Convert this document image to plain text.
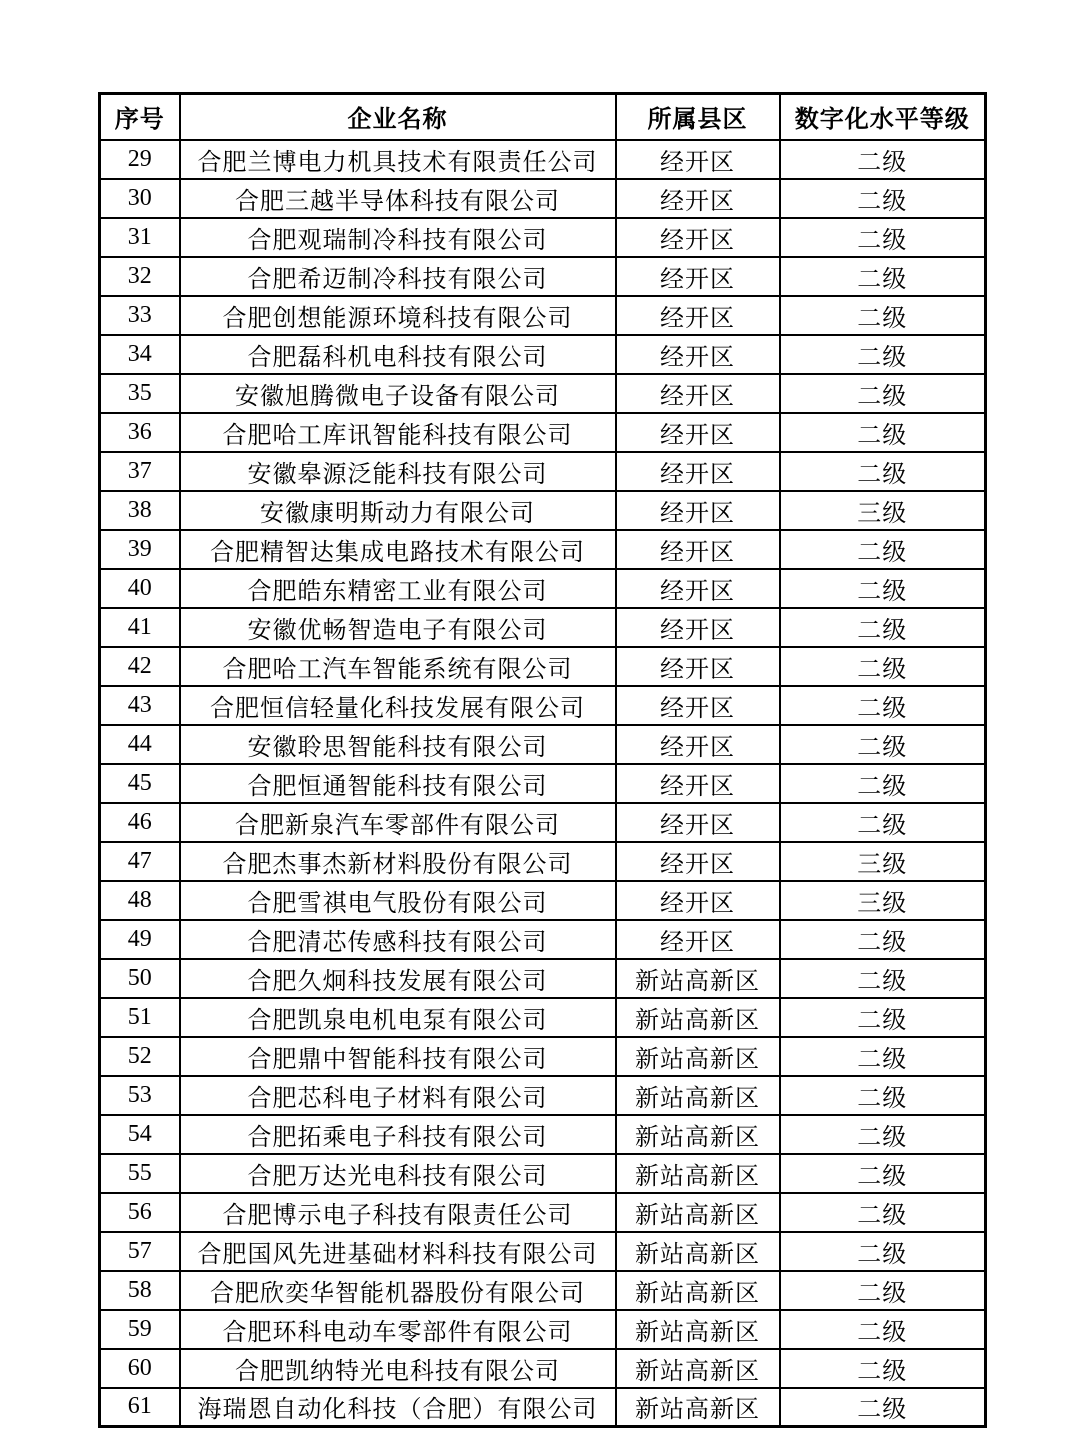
序号	企业名称	所属县区	数字化水平等级
29	合肥兰博电力机具技术有限责任公司	经开区	二级
30	合肥三越半导体科技有限公司	经开区	二级
31	合肥观瑞制冷科技有限公司	经开区	二级
32	合肥希迈制冷科技有限公司	经开区	二级
33	合肥创想能源环境科技有限公司	经开区	二级
34	合肥磊科机电科技有限公司	经开区	二级
35	安徽旭腾微电子设备有限公司	经开区	二级
36	合肥哈工库讯智能科技有限公司	经开区	二级
37	安徽皋源泛能科技有限公司	经开区	二级
38	安徽康明斯动力有限公司	经开区	三级
39	合肥精智达集成电路技术有限公司	经开区	二级
40	合肥皓东精密工业有限公司	经开区	二级
41	安徽优畅智造电子有限公司	经开区	二级
42	合肥哈工汽车智能系统有限公司	经开区	二级
43	合肥恒信轻量化科技发展有限公司	经开区	二级
44	安徽聆思智能科技有限公司	经开区	二级
45	合肥恒通智能科技有限公司	经开区	二级
46	合肥新泉汽车零部件有限公司	经开区	二级
47	合肥杰事杰新材料股份有限公司	经开区	三级
48	合肥雪祺电气股份有限公司	经开区	三级
49	合肥清芯传感科技有限公司	经开区	二级
50	合肥久炯科技发展有限公司	新站高新区	二级
51	合肥凯泉电机电泵有限公司	新站高新区	二级
52	合肥鼎中智能科技有限公司	新站高新区	二级
53	合肥芯科电子材料有限公司	新站高新区	二级
54	合肥拓乘电子科技有限公司	新站高新区	二级
55	合肥万达光电科技有限公司	新站高新区	二级
56	合肥博示电子科技有限责任公司	新站高新区	二级
57	合肥国风先进基础材料科技有限公司	新站高新区	二级
58	合肥欣奕华智能机器股份有限公司	新站高新区	二级
59	合肥环科电动车零部件有限公司	新站高新区	二级
60	合肥凯纳特光电科技有限公司	新站高新区	二级
61	海瑞恩自动化科技（合肥）有限公司	新站高新区	二级
